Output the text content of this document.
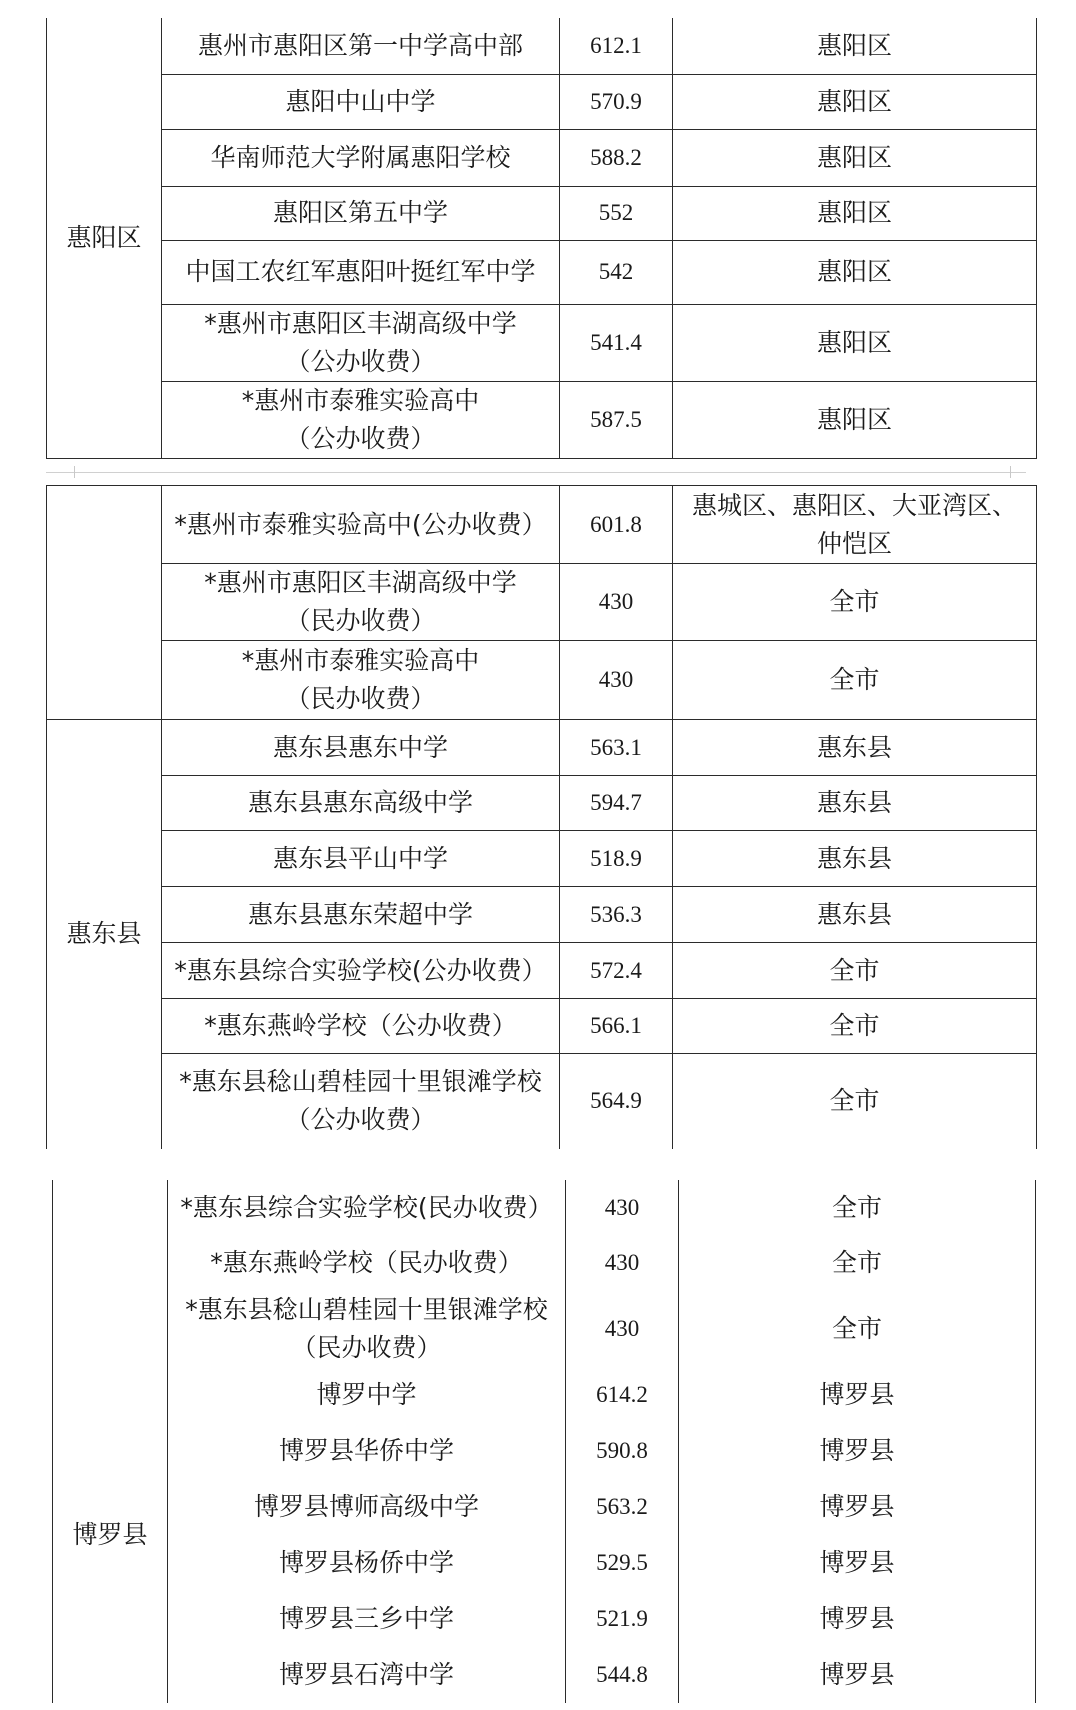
惠阳区	惠州市惠阳区第一中学高中部	612.1	惠阳区

	惠阳中山中学	570.9	惠阳区

	华南师范大学附属惠阳学校	588.2	惠阳区

	惠阳区第五中学	552	惠阳区

	中国工农红军惠阳叶挺红军中学	542	惠阳区

	*惠州市惠阳区丰湖高级中学
（公办收费）	541.4	惠阳区

	*惠州市泰雅实验高中
（公办收费）	587.5	惠阳区

	*惠州市泰雅实验高中(公办收费）	601.8	惠城区、惠阳区、大亚湾区、
仲恺区

	*惠州市惠阳区丰湖高级中学
（民办收费）	430	全市

	*惠州市泰雅实验高中
（民办收费）	430	全市

惠东县	惠东县惠东中学	563.1	惠东县

	惠东县惠东高级中学	594.7	惠东县

	惠东县平山中学	518.9	惠东县

	惠东县惠东荣超中学	536.3	惠东县

	*惠东县综合实验学校(公办收费）	572.4	全市

	*惠东燕岭学校（公办收费）	566.1	全市

	*惠东县稔山碧桂园十里银滩学校
（公办收费）	564.9	全市

	*惠东县综合实验学校(民办收费）	430	全市

	*惠东燕岭学校（民办收费）	430	全市

	*惠东县稔山碧桂园十里银滩学校
（民办收费）	430	全市

博罗县	博罗中学	614.2	博罗县

	博罗县华侨中学	590.8	博罗县

	博罗县博师高级中学	563.2	博罗县

	博罗县杨侨中学	529.5	博罗县

	博罗县三乡中学	521.9	博罗县

	博罗县石湾中学	544.8	博罗县
